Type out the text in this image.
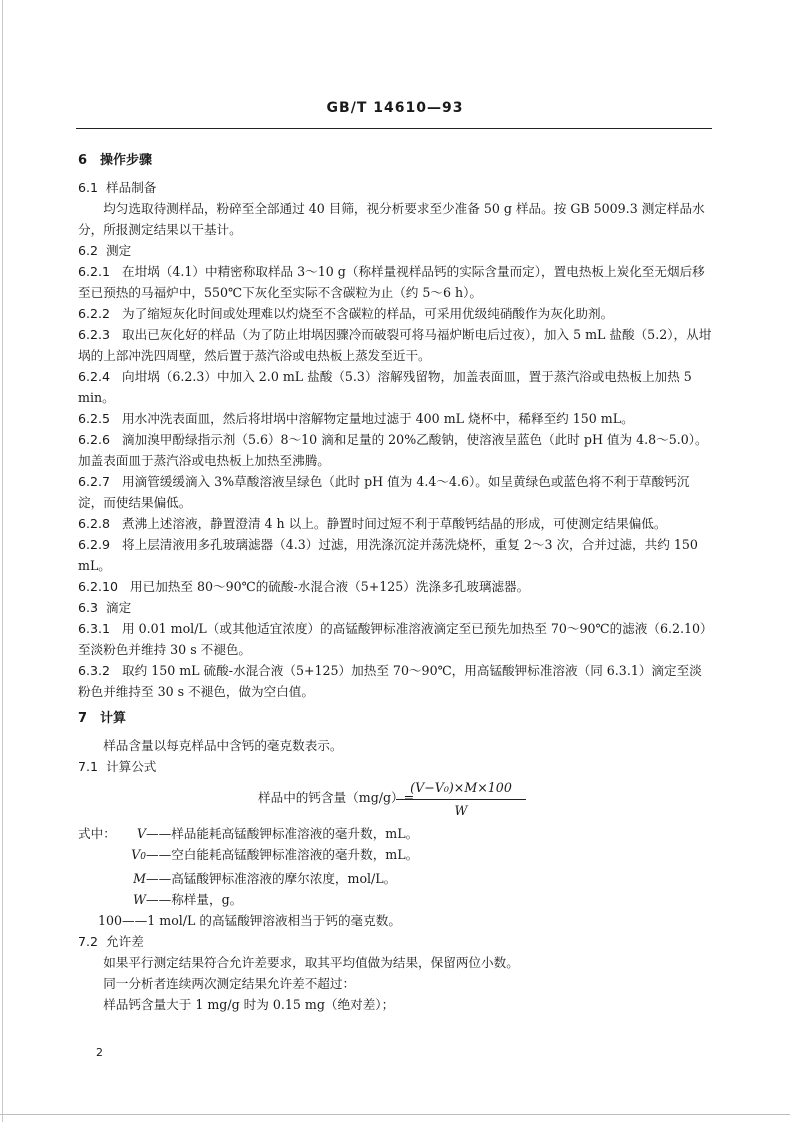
GB/T 14610—93
6 操作步骤
6.1 样品制备

均匀选取待测样品，粉碎至全部通过 40 目筛，视分析要求至少准备 50 g 样品。按 GB 5009.3 测定样品水分，所报测定结果以干基计。

6.2 测定

6.2.1 在坩埚（4.1）中精密称取样品 3～10 g（称样量视样品钙的实际含量而定），置电热板上炭化至无烟后移至已预热的马福炉中，550℃下灰化至实际不含碳粒为止（约 5～6 h）。

6.2.2 为了缩短灰化时间或处理难以灼烧至不含碳粒的样品，可采用优级纯硝酸作为灰化助剂。

6.2.3 取出已灰化好的样品（为了防止坩埚因骤冷而破裂可将马福炉断电后过夜），加入 5 mL 盐酸（5.2），从坩埚的上部冲洗四周壁，然后置于蒸汽浴或电热板上蒸发至近干。

6.2.4 向坩埚（6.2.3）中加入 2.0 mL 盐酸（5.3）溶解残留物，加盖表面皿，置于蒸汽浴或电热板上加热 5 min。

6.2.5 用水冲洗表面皿，然后将坩埚中溶解物定量地过滤于 400 mL 烧杯中，稀释至约 150 mL。

6.2.6 滴加溴甲酚绿指示剂（5.6）8～10 滴和足量的 20%乙酸钠，使溶液呈蓝色（此时 pH 值为 4.8～5.0）。加盖表面皿于蒸汽浴或电热板上加热至沸腾。

6.2.7 用滴管缓缓滴入 3%草酸溶液呈绿色（此时 pH 值为 4.4～4.6）。如呈黄绿色或蓝色将不利于草酸钙沉淀，而使结果偏低。

6.2.8 煮沸上述溶液，静置澄清 4 h 以上。静置时间过短不利于草酸钙结晶的形成，可使测定结果偏低。

6.2.9 将上层清液用多孔玻璃滤器（4.3）过滤，用洗涤沉淀并荡洗烧杯，重复 2～3 次，合并过滤，共约 150 mL。

6.2.10 用已加热至 80～90℃的硫酸-水混合液（5+125）洗涤多孔玻璃滤器。

6.3 滴定

6.3.1 用 0.01 mol/L（或其他适宜浓度）的高锰酸钾标准溶液滴定至已预先加热至 70～90℃的滤液（6.2.10）至淡粉色并维持 30 s 不褪色。

6.3.2 取约 150 mL 硫酸-水混合液（5+125）加热至 70～90℃，用高锰酸钾标准溶液（同 6.3.1）滴定至淡粉色并维持至 30 s 不褪色，做为空白值。

7 计算

样品含量以每克样品中含钙的毫克数表示。

7.1 计算公式
样品中的钙含量（mg/g）=
$\frac{\text{(V−V₀)×M×100}}{W}$

式中： V——样品能耗高锰酸钾标准溶液的毫升数，mL。

V0——空白能耗高锰酸钾标准溶液的毫升数，mL。

M——高锰酸钾标准溶液的摩尔浓度，mol/L。

W——称样量，g。

100——1 mol/L 的高锰酸钾溶液相当于钙的毫克数。

7.2 允许差

如果平行测定结果符合允许差要求，取其平均值做为结果，保留两位小数。

同一分析者连续两次测定结果允许差不超过：

样品钙含量大于 1 mg/g 时为 0.15 mg（绝对差）；

2
